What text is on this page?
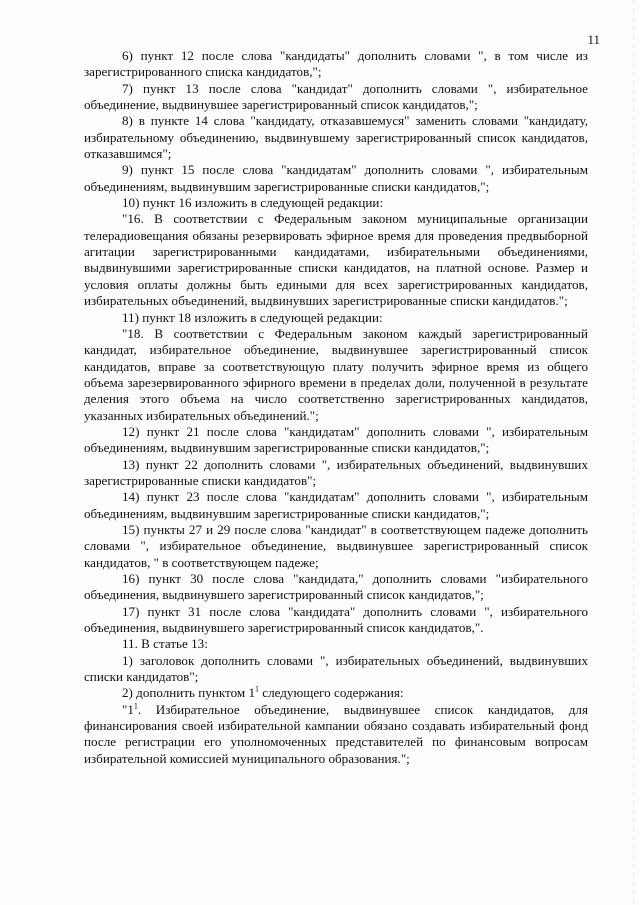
11

6) пункт 12 после слова "кандидаты" дополнить словами ", в том числе из зарегистрированного списка кандидатов,";

7) пункт 13 после слова "кандидат" дополнить словами ", избирательное объединение, выдвинувшее зарегистрированный список кандидатов,";

8) в пункте 14 слова "кандидату, отказавшемуся" заменить словами "кандидату, избирательному объединению, выдвинувшему зарегистрированный список кандидатов, отказавшимся";

9) пункт 15 после слова "кандидатам" дополнить словами ", избирательным объединениям, выдвинувшим зарегистрированные списки кандидатов,";

10) пункт 16 изложить в следующей редакции:

"16. В соответствии с Федеральным законом муниципальные организации телерадиовещания обязаны резервировать эфирное время для проведения предвыборной агитации зарегистрированными кандидатами, избирательными объединениями, выдвинувшими зарегистрированные списки кандидатов, на платной основе. Размер и условия оплаты должны быть едиными для всех зарегистрированных кандидатов, избирательных объединений, выдвинувших зарегистрированные списки кандидатов.";

11) пункт 18 изложить в следующей редакции:

"18. В соответствии с Федеральным законом каждый зарегистрированный кандидат, избирательное объединение, выдвинувшее зарегистрированный список кандидатов, вправе за соответствующую плату получить эфирное время из общего объема зарезервированного эфирного времени в пределах доли, полученной в результате деления этого объема на число соответственно зарегистрированных кандидатов, указанных избирательных объединений.";

12) пункт 21 после слова "кандидатам" дополнить словами ", избирательным объединениям, выдвинувшим зарегистрированные списки кандидатов,";

13) пункт 22 дополнить словами ", избирательных объединений, выдвинувших зарегистрированные списки кандидатов";

14) пункт 23 после слова "кандидатам" дополнить словами ", избирательным объединениям, выдвинувшим зарегистрированные списки кандидатов,";

15) пункты 27 и 29 после слова "кандидат" в соответствующем падеже дополнить словами ", избирательное объединение, выдвинувшее зарегистрированный список кандидатов, " в соответствующем падеже;

16) пункт 30 после слова "кандидата," дополнить словами "избирательного объединения, выдвинувшего зарегистрированный список кандидатов,";

17) пункт 31 после слова "кандидата" дополнить словами ", избирательного объединения, выдвинувшего зарегистрированный список кандидатов,".

11. В статье 13:

1) заголовок дополнить словами ", избирательных объединений, выдвинувших списки кандидатов";

2) дополнить пунктом $1^1$ следующего содержания:

"$1^1$. Избирательное объединение, выдвинувшее список кандидатов, для финансирования своей избирательной кампании обязано создавать избирательный фонд после регистрации его уполномоченных представителей по финансовым вопросам избирательной комиссией муниципального образования.";
